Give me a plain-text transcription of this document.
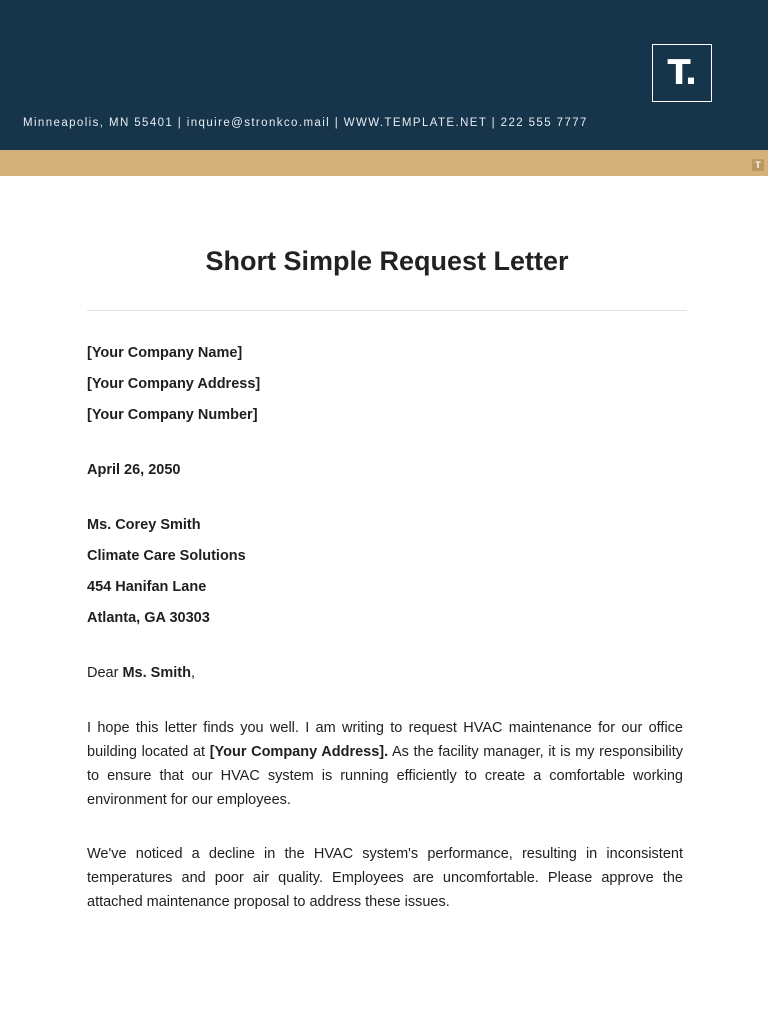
T.
Minneapolis, MN 55401 | inquire@stronkco.mail | WWW.TEMPLATE.NET | 222 555 7777
T
Short Simple Request Letter

[Your Company Name]

[Your Company Address]

[Your Company Number]

April 26, 2050

Ms. Corey Smith

Climate Care Solutions

454 Hanifan Lane

Atlanta, GA 30303

Dear Ms. Smith,

I hope this letter finds you well. I am writing to request HVAC maintenance for our office building located at [Your Company Address]. As the facility manager, it is my responsibility to ensure that our HVAC system is running efficiently to create a comfortable working environment for our employees.

We've noticed a decline in the HVAC system's performance, resulting in inconsistent temperatures and poor air quality. Employees are uncomfortable. Please approve the attached maintenance proposal to address these issues.
